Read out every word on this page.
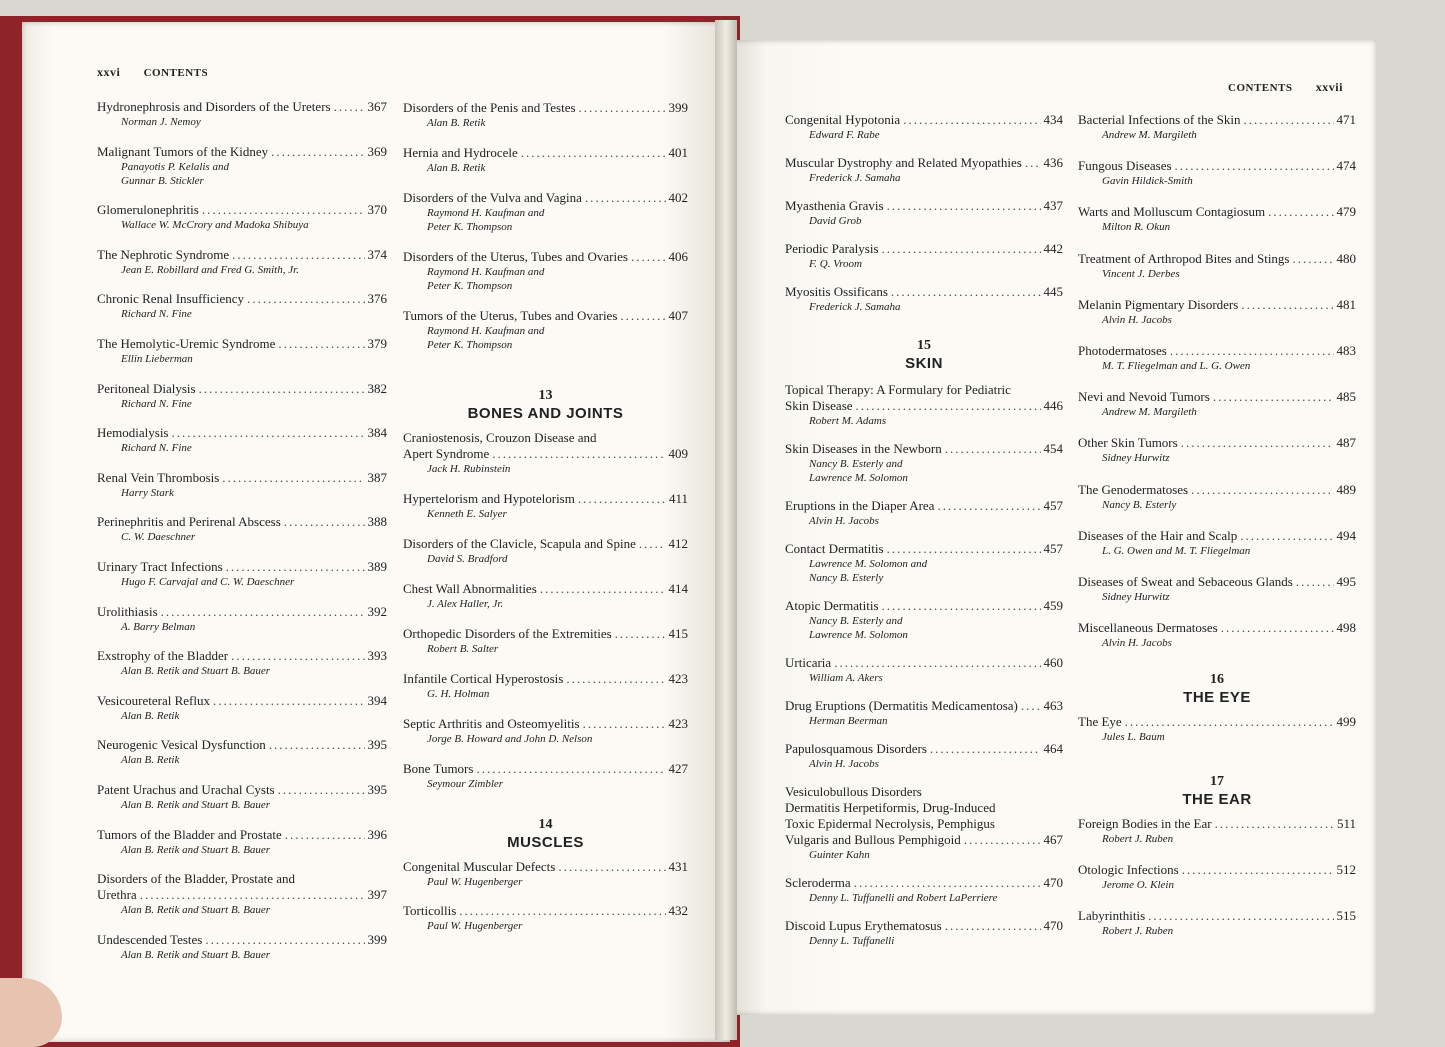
xxvi CONTENTS
CONTENTS xxvii
Hydronephrosis and Disorders of the Ureters .....	367
Norman J. Nemoy
Malignant Tumors of the Kidney .....	369
Panayotis P. Kelalis and
Gunnar B. Stickler
Glomerulonephritis .....	370
Wallace W. McCrory and Madoka Shibuya
The Nephrotic Syndrome .....	374
Jean E. Robillard and Fred G. Smith, Jr.
Chronic Renal Insufficiency .....	376
Richard N. Fine
The Hemolytic-Uremic Syndrome .....	379
Ellin Lieberman
Peritoneal Dialysis .....	382
Richard N. Fine
Hemodialysis .....	384
Richard N. Fine
Renal Vein Thrombosis .....	387
Harry Stark
Perinephritis and Perirenal Abscess .....	388
C. W. Daeschner
Urinary Tract Infections .....	389
Hugo F. Carvajal and C. W. Daeschner
Urolithiasis .....	392
A. Barry Belman
Exstrophy of the Bladder .....	393
Alan B. Retik and Stuart B. Bauer
Vesicoureteral Reflux .....	394
Alan B. Retik
Neurogenic Vesical Dysfunction .....	395
Alan B. Retik
Patent Urachus and Urachal Cysts .....	395
Alan B. Retik and Stuart B. Bauer
Tumors of the Bladder and Prostate .....	396
Alan B. Retik and Stuart B. Bauer
Disorders of the Bladder, Prostate and
Urethra .....	397
Alan B. Retik and Stuart B. Bauer
Undescended Testes .....	399
Alan B. Retik and Stuart B. Bauer
Disorders of the Penis and Testes .....	399
Alan B. Retik
Hernia and Hydrocele .....	401
Alan B. Retik
Disorders of the Vulva and Vagina .....	402
Raymond H. Kaufman and
Peter K. Thompson
Disorders of the Uterus, Tubes and Ovaries .....	406
Raymond H. Kaufman and
Peter K. Thompson
Tumors of the Uterus, Tubes and Ovaries .....	407
Raymond H. Kaufman and
Peter K. Thompson
13
BONES AND JOINTS
Craniostenosis, Crouzon Disease and
Apert Syndrome .....	409
Jack H. Rubinstein
Hypertelorism and Hypotelorism .....	411
Kenneth E. Salyer
Disorders of the Clavicle, Scapula and Spine .....	412
David S. Bradford
Chest Wall Abnormalities .....	414
J. Alex Haller, Jr.
Orthopedic Disorders of the Extremities .....	415
Robert B. Salter
Infantile Cortical Hyperostosis .....	423
G. H. Holman
Septic Arthritis and Osteomyelitis .....	423
Jorge B. Howard and John D. Nelson
Bone Tumors .....	427
Seymour Zimbler
14
MUSCLES
Congenital Muscular Defects .....	431
Paul W. Hugenberger
Torticollis .....	432
Paul W. Hugenberger
Congenital Hypotonia .....	434
Edward F. Rabe
Muscular Dystrophy and Related Myopathies ..... 436
Frederick J. Samaha
Myasthenia Gravis .....	437
David Grob
Periodic Paralysis .....	442
F. Q. Vroom
Myositis Ossificans .....	445
Frederick J. Samaha
15
SKIN
Topical Therapy: A Formulary for Pediatric
Skin Disease .....	446
Robert M. Adams
Skin Diseases in the Newborn .....	454
Nancy B. Esterly and
Lawrence M. Solomon
Eruptions in the Diaper Area .....	457
Alvin H. Jacobs
Contact Dermatitis .....	457
Lawrence M. Solomon and
Nancy B. Esterly
Atopic Dermatitis .....	459
Nancy B. Esterly and
Lawrence M. Solomon
Urticaria .....	460
William A. Akers
Drug Eruptions (Dermatitis Medicamentosa) ..... 463
Herman Beerman
Papulosquamous Disorders .....	464
Alvin H. Jacobs
Vesiculobullous Disorders
Dermatitis Herpetiformis, Drug-Induced
Toxic Epidermal Necrolysis, Pemphigus
Vulgaris and Bullous Pemphigoid .....	467
Guinter Kahn
Scleroderma .....	470
Denny L. Tuffanelli and Robert LaPerriere
Discoid Lupus Erythematosus .....	470
Denny L. Tuffanelli
Bacterial Infections of the Skin .....	471
Andrew M. Margileth
Fungous Diseases .....	474
Gavin Hildick-Smith
Warts and Molluscum Contagiosum .....	479
Milton R. Okun
Treatment of Arthropod Bites and Stings .....	480
Vincent J. Derbes
Melanin Pigmentary Disorders .....	481
Alvin H. Jacobs
Photodermatoses .....	483
M. T. Fliegelman and L. G. Owen
Nevi and Nevoid Tumors .....	485
Andrew M. Margileth
Other Skin Tumors .....	487
Sidney Hurwitz
The Genodermatoses .....	489
Nancy B. Esterly
Diseases of the Hair and Scalp .....	494
L. G. Owen and M. T. Fliegelman
Diseases of Sweat and Sebaceous Glands .....	495
Sidney Hurwitz
Miscellaneous Dermatoses .....	498
Alvin H. Jacobs
16
THE EYE
The Eye .....	499
Jules L. Baum
17
THE EAR
Foreign Bodies in the Ear .....	511
Robert J. Ruben
Otologic Infections .....	512
Jerome O. Klein
Labyrinthitis .....	515
Robert J. Ruben
